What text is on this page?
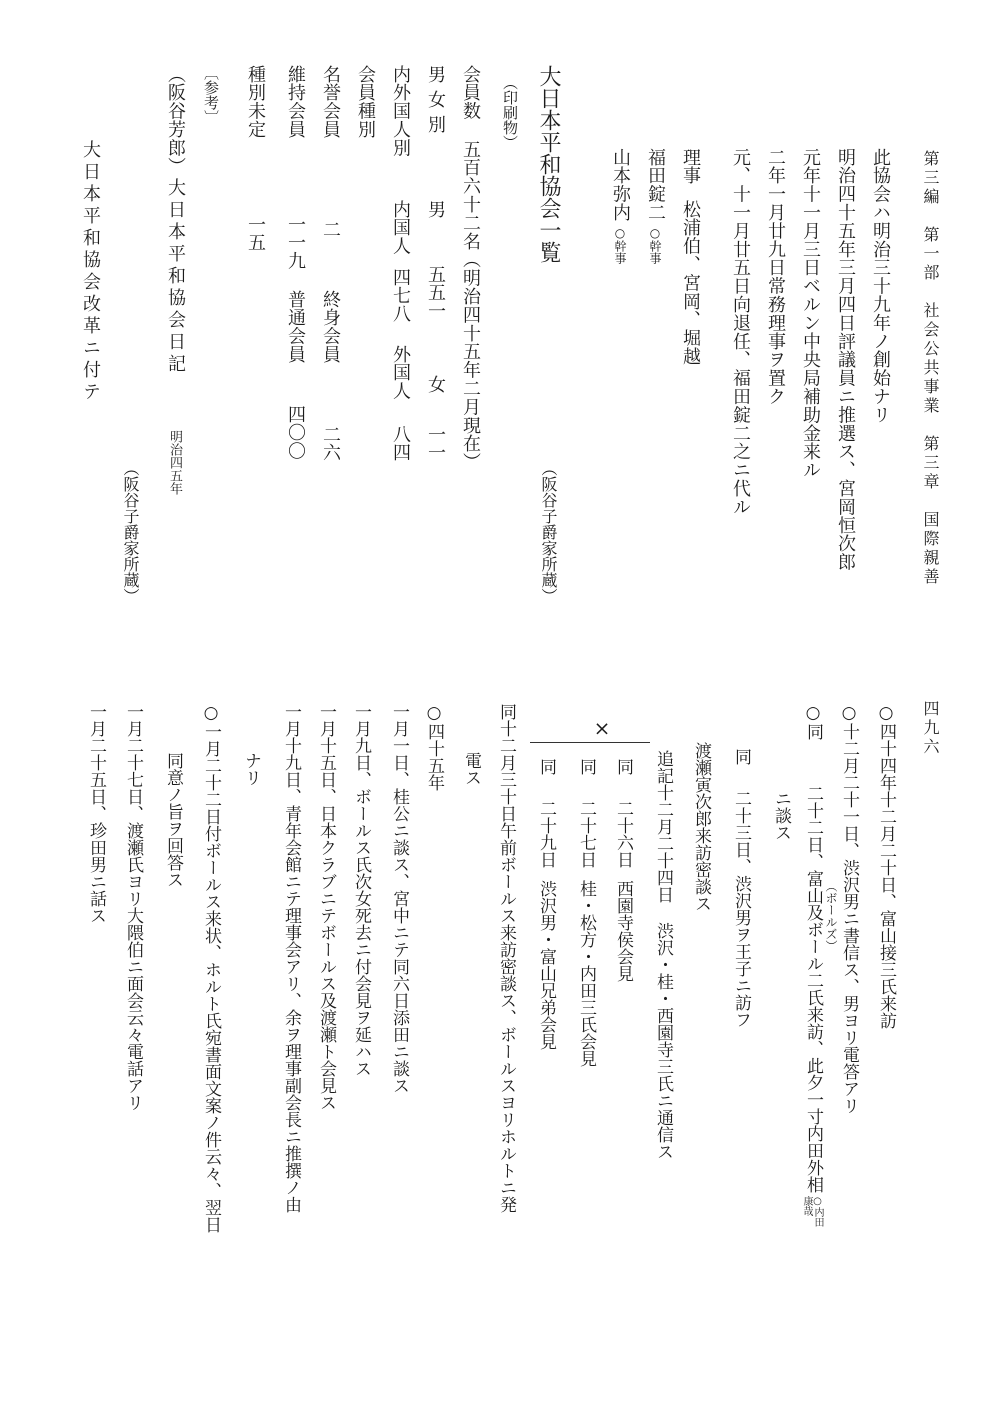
第三編　第一部　社会公共事業　第三章　国際親善
四九六
此協会ハ明治三十九年ノ創始ナリ
明治四十五年三月四日評議員ニ推選ス、宮岡恒次郎
元年十一月三日ベルン中央局補助金来ル
二年一月廿九日常務理事ヲ置ク
元、十一月廿五日向退任、福田錠二之ニ代ル
理事
松浦伯、宮岡、堀越
福田錠二
○幹事
山本弥内
○幹事
大日本平和協会一覧
（阪谷子爵家所蔵）
（印刷物）
会員数
五百六十二名（明治四十五年二月現在）
男女別
男
五五一
女
一一
内外国人別
内国人
四七八
外国人
八四
会員種別
名誉会員
二
終身会員
二六
維持会員
一一九
普通会員
四〇〇
種別未定
一五
〔参考〕
（阪谷芳郎）
大日本平和協会日記
明治四五年
（阪谷子爵家所蔵）
大日本平和協会改革ニ付テ
○四十四年十二月二十日、富山接三氏来訪
○十二月二十一日、渋沢男ニ書信ス、男ヨリ電答アリ
（ボールズ）
○同
二十二日、富山及ボール二氏来訪、此夕一寸内田外相
○内田
康哉
ニ談ス
同
二十三日、渋沢男ヲ王子ニ訪フ
渡瀬寅次郎来訪密談ス
×
追記十二月二十四日
渋沢・桂・西園寺三氏ニ通信ス
同
二十六日
西園寺侯会見
同
二十七日
桂・松方・内田三氏会見
同
二十九日
渋沢男・富山兄弟会見
同十二月三十日午前ボールス来訪密談ス、ボールスヨリホルトニ発
電ス
○四十五年
一月一日、桂公ニ談ス、宮中ニテ同六日添田ニ談ス
一月九日、ボールス氏次女死去ニ付会見ヲ延ハス
一月十五日、日本クラブニテボールス及渡瀬ト会見ス
一月十九日、青年会館ニテ理事会アリ、余ヲ理事副会長ニ推撰ノ由
ナリ
○一月二十二日付ボールス来状、ホルト氏宛書面文案ノ件云々、翌日
同意ノ旨ヲ回答ス
一月二十七日、渡瀬氏ヨリ大隈伯ニ面会云々電話アリ
一月二十五日、珍田男ニ話ス
